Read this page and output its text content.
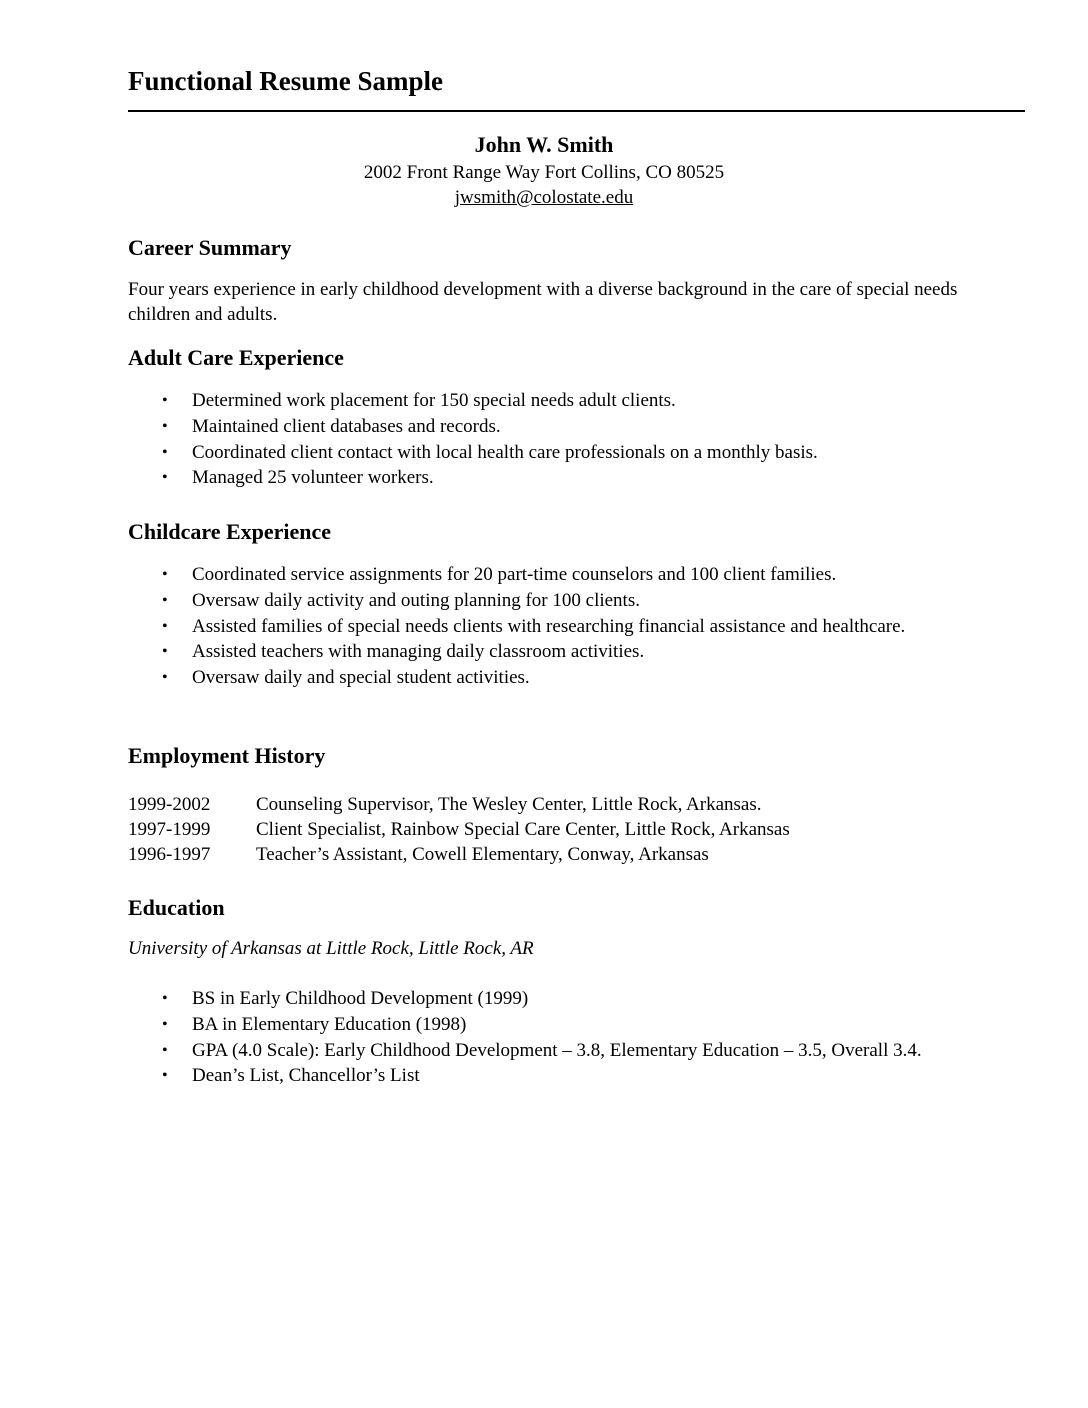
Functional Resume Sample
John W. Smith
2002 Front Range Way Fort Collins, CO 80525
jwsmith@colostate.edu
Career Summary
Four years experience in early childhood development with a diverse background in the care of special needs children and adults.
Adult Care Experience
• Determined work placement for 150 special needs adult clients.
• Maintained client databases and records.
• Coordinated client contact with local health care professionals on a monthly basis.
• Managed 25 volunteer workers.
Childcare Experience
• Coordinated service assignments for 20 part-time counselors and 100 client families.
• Oversaw daily activity and outing planning for 100 clients.
• Assisted families of special needs clients with researching financial assistance and healthcare.
• Assisted teachers with managing daily classroom activities.
• Oversaw daily and special student activities.
Employment History
1999-2002	Counseling Supervisor, The Wesley Center, Little Rock, Arkansas.
1997-1999	Client Specialist, Rainbow Special Care Center, Little Rock, Arkansas
1996-1997	Teacher’s Assistant, Cowell Elementary, Conway, Arkansas
Education
University of Arkansas at Little Rock, Little Rock, AR
• BS in Early Childhood Development (1999)
• BA in Elementary Education (1998)
• GPA (4.0 Scale): Early Childhood Development – 3.8, Elementary Education – 3.5, Overall 3.4.
• Dean’s List, Chancellor’s List
